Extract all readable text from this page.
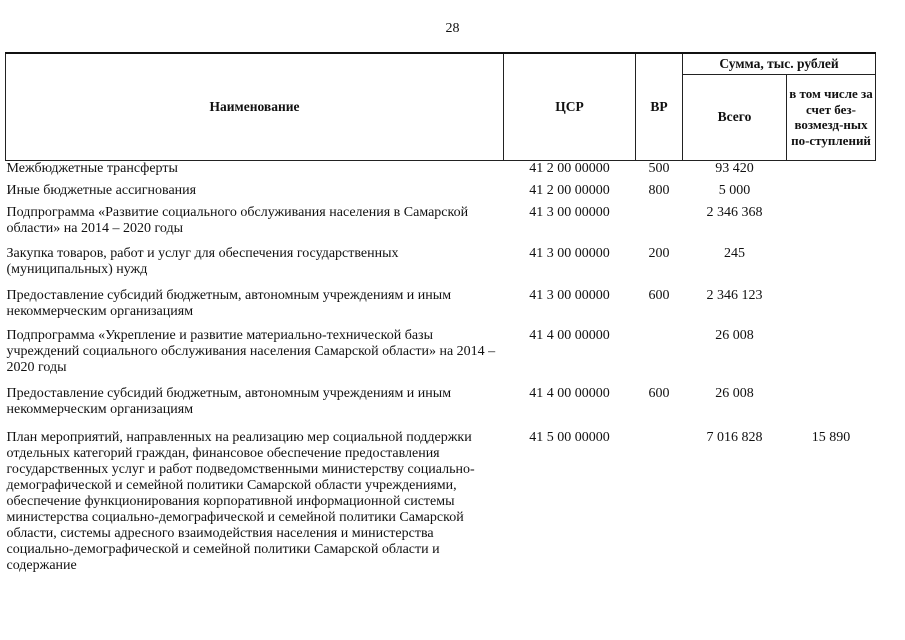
28
Наименование	ЦСР	ВР	Сумма, тыс. рублей	
			Всего	в том числе за счет без-возмезд-ных по-ступлений
Межбюджетные трансферты	41 2 00 00000	500	93 420	
Иные бюджетные ассигнования	41 2 00 00000	800	5 000	
Подпрограмма «Развитие социального обслуживания населения в Самарской области» на 2014 – 2020 годы	41 3 00 00000		2 346 368	
Закупка товаров, работ и услуг для обеспечения государственных (муниципальных) нужд	41 3 00 00000	200	245	
Предоставление субсидий бюджетным, автономным учреждениям и иным некоммерческим организациям	41 3 00 00000	600	2 346 123	
Подпрограмма «Укрепление и развитие материально-технической базы учреждений социального обслуживания населения Самарской области» на 2014 – 2020 годы	41 4 00 00000		26 008	
Предоставление субсидий бюджетным, автономным учреждениям и иным некоммерческим организациям	41 4 00 00000	600	26 008	
План мероприятий, направленных на реализацию мер социальной поддержки отдельных категорий граждан, финансовое обеспечение предоставления государственных услуг и работ подведомственными министерству социально-демографической и семейной политики Самарской области учреждениями, обеспечение функционирования корпоративной информационной системы министерства социально-демографической и семейной политики Самарской области, системы адресного взаимодействия населения и министерства социально-демографической и семейной политики Самарской области и содержание	41 5 00 00000		7 016 828	15 890
